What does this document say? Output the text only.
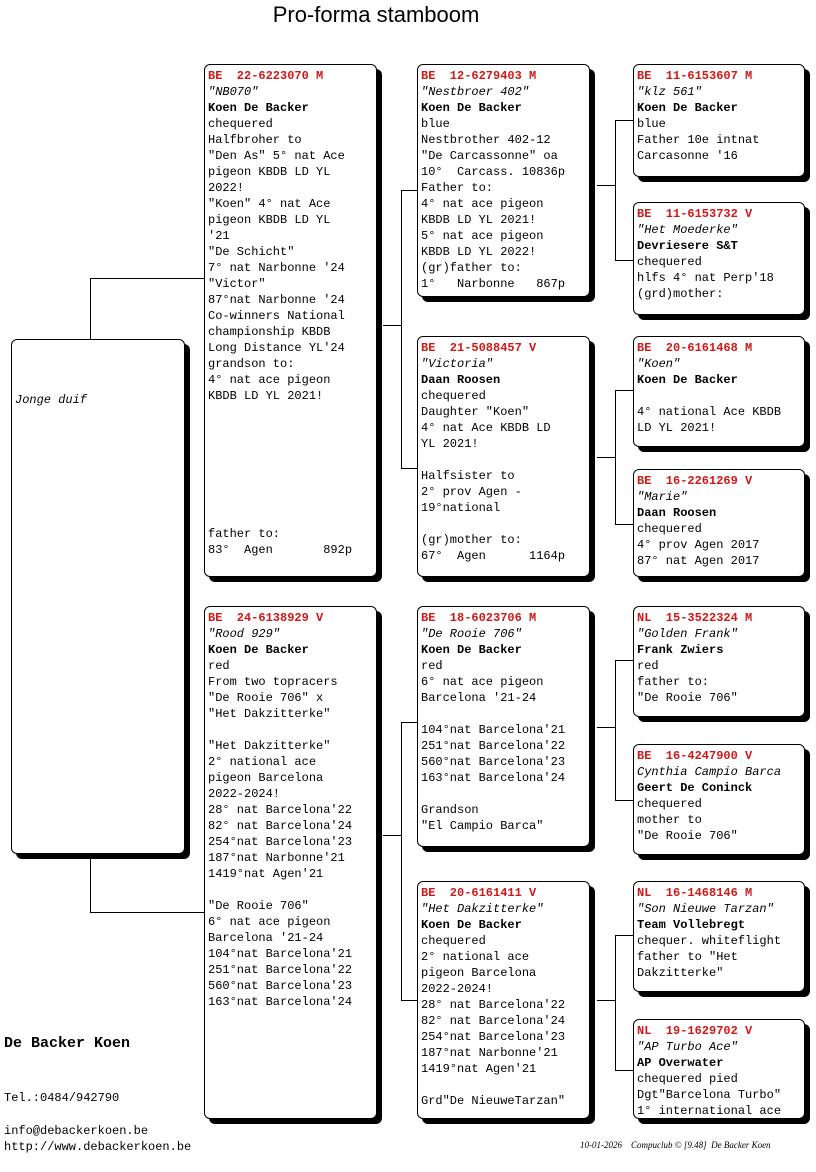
Pro-forma stamboom

Jonge duif

BE  22-6223070 M
"NB070"
Koen De Backer
chequered
Halfbroher to
"Den As" 5° nat Ace
pigeon KBDB LD YL
2022!
"Koen" 4° nat Ace
pigeon KBDB LD YL
'21
"De Schicht"
7° nat Narbonne '24
"Victor"
87°nat Narbonne '24
Co-winners National
championship KBDB
Long Distance YL'24
grandson to:
4° nat ace pigeon
KBDB LD YL 2021!
father to:
83°  Agen       892p
BE  24-6138929 V
"Rood 929"
Koen De Backer
red
From two topracers
"De Rooie 706" x
"Het Dakzitterke"
"Het Dakzitterke"
2° national ace
pigeon Barcelona
2022-2024!
28° nat Barcelona'22
82° nat Barcelona'24
254°nat Barcelona'23
187°nat Narbonne'21
1419°nat Agen'21
"De Rooie 706"
6° nat ace pigeon
Barcelona '21-24
104°nat Barcelona'21
251°nat Barcelona'22
560°nat Barcelona'23
163°nat Barcelona'24
BE  12-6279403 M
"Nestbroer 402"
Koen De Backer
blue
Nestbrother 402-12
"De Carcassonne" oa
10°  Carcass. 10836p
Father to:
4° nat ace pigeon
KBDB LD YL 2021!
5° nat ace pigeon
KBDB LD YL 2022!
(gr)father to:
1°   Narbonne   867p
BE  21-5088457 V
"Victoria"
Daan Roosen
chequered
Daughter "Koen"
4° nat Ace KBDB LD
YL 2021!
Halfsister to
2° prov Agen -
19°national
(gr)mother to:
67°  Agen      1164p
BE  18-6023706 M
"De Rooie 706"
Koen De Backer
red
6° nat ace pigeon
Barcelona '21-24
104°nat Barcelona'21
251°nat Barcelona'22
560°nat Barcelona'23
163°nat Barcelona'24
Grandson
"El Campio Barca"
BE  20-6161411 V
"Het Dakzitterke"
Koen De Backer
chequered
2° national ace
pigeon Barcelona
2022-2024!
28° nat Barcelona'22
82° nat Barcelona'24
254°nat Barcelona'23
187°nat Narbonne'21
1419°nat Agen'21
Grd"De NieuweTarzan"
BE  11-6153607 M
"klz 561"
Koen De Backer
blue
Father 10e intnat
Carcasonne '16
BE  11-6153732 V
"Het Moederke"
Devriesere S&T
chequered
hlfs 4° nat Perp'18
(grd)mother:
BE  20-6161468 M
"Koen"
Koen De Backer
4° national Ace KBDB
LD YL 2021!
BE  16-2261269 V
"Marie"
Daan Roosen
chequered
4° prov Agen 2017
87° nat Agen 2017
NL  15-3522324 M
"Golden Frank"
Frank Zwiers
red
father to:
"De Rooie 706"
BE  16-4247900 V
Cynthia Campio Barca
Geert De Coninck
chequered
mother to
"De Rooie 706"
NL  16-1468146 M
"Son Nieuwe Tarzan"
Team Vollebregt
chequer. whiteflight
father to "Het
Dakzitterke"
NL  19-1629702 V
"AP Turbo Ace"
AP Overwater
chequered pied
Dgt"Barcelona Turbo"
1° international ace
De Backer Koen
Tel.:0484/942790
info@debackerkoen.be
http://www.debackerkoen.be	10-01-2026    Compuclub © [9.48]  De Backer Koen
